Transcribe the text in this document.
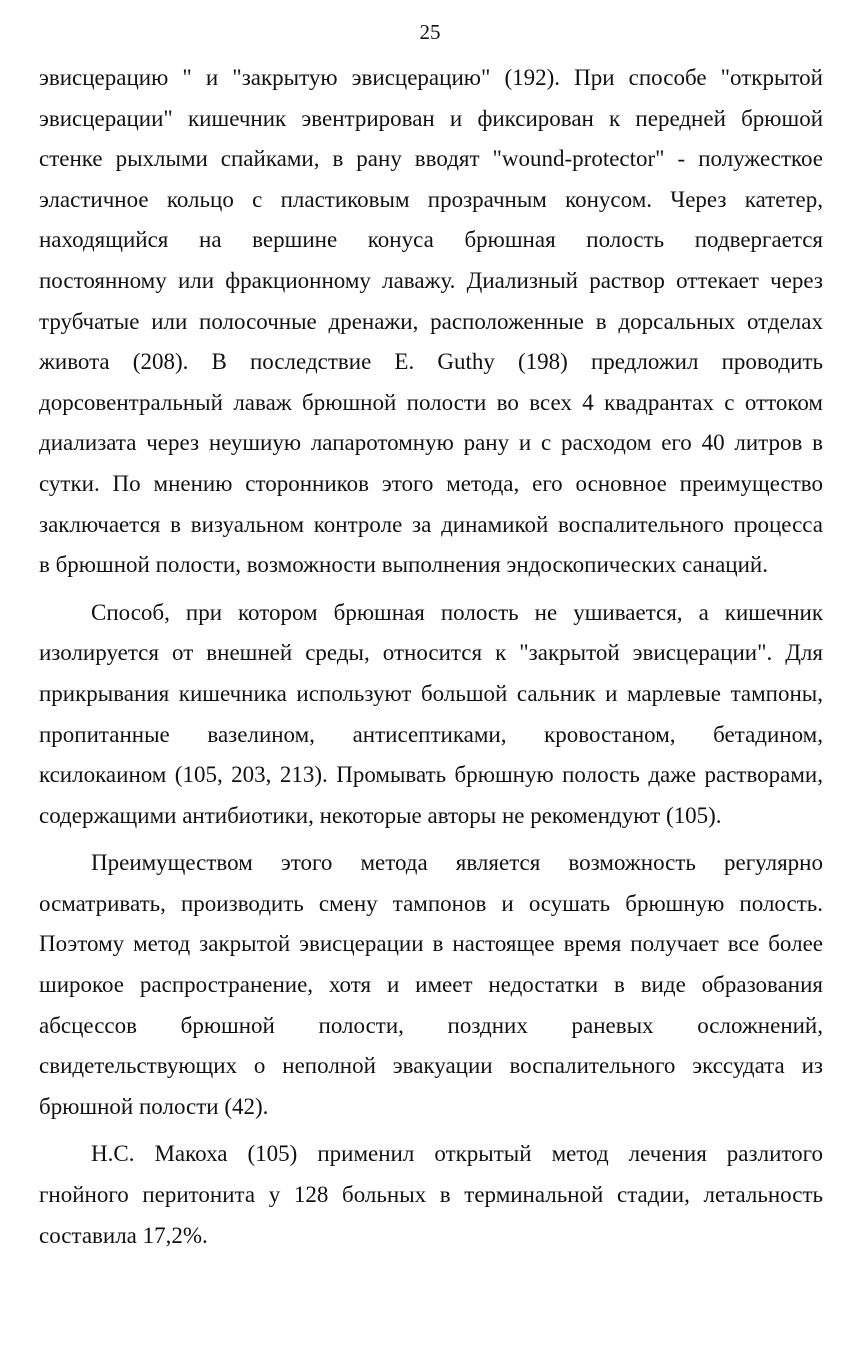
25
эвисцерацию " и "закрытую эвисцерацию" (192). При способе "открытой
эвисцерации" кишечник эвентрирован и фиксирован к передней брюшой
стенке рыхлыми спайками, в рану вводят "wound-protector" - полужесткое
эластичное кольцо с пластиковым прозрачным конусом. Через катетер,
находящийся на вершине конуса брюшная полость подвергается
постоянному или фракционному лаважу. Диализный раствор оттекает через
трубчатые или полосочные дренажи, расположенные в дорсальных отделах
живота (208). В последствие E. Guthy (198) предложил проводить
дорсовентральный лаваж брюшной полости во всех 4 квадрантах с оттоком
диализата через неушиую лапаротомную рану и с расходом его 40 литров в
сутки. По мнению сторонников этого метода, его основное преимущество
заключается в визуальном контроле за динамикой воспалительного процесса
в брюшной полости, возможности выполнения эндоскопических санаций.
Способ, при котором брюшная полость не ушивается, а кишечник
изолируется от внешней среды, относится к "закрытой эвисцерации". Для
прикрывания кишечника используют большой сальник и марлевые тампоны,
пропитанные вазелином, антисептиками, кровостаном, бетадином,
ксилокаином (105, 203, 213). Промывать брюшную полость даже растворами,
содержащими антибиотики, некоторые авторы не рекомендуют (105).
Преимуществом этого метода является возможность регулярно
осматривать, производить смену тампонов и осушать брюшную полость.
Поэтому метод закрытой эвисцерации в настоящее время получает все более
широкое распространение, хотя и имеет недостатки в виде образования
абсцессов брюшной полости, поздних раневых осложнений,
свидетельствующих о неполной эвакуации воспалительного экссудата из
брюшной полости (42).
Н.С. Макоха (105) применил открытый метод лечения разлитого
гнойного перитонита у 128 больных в терминальной стадии, летальность
составила 17,2%.
